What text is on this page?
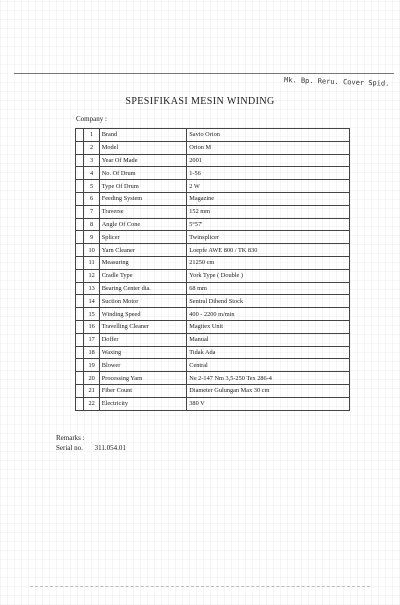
Mk. Bp. Reru. Cover Spid.
SPESIFIKASI MESIN WINDING
Company :
	1	Brand	Savio Orion
	2	Model	Orion M
	3	Year Of Made	2001
	4	No. Of Drum	1-56
	5	Type Of Drum	2 W
	6	Feeding System	Magazine
	7	Traverse	152 mm
	8	Angle Of Cone	5°57'
	9	Splicer	Twinsplicer
	10	Yarn Cleaner	Loepfe AWE 800 / TK 830
	11	Measuring	21250 cm
	12	Cradle Type	York Type ( Double )
	13	Bearing Center dia.	68 mm
	14	Suction Motor	Sentral Dihend Stock
	15	Winding Speed	400 - 2200 m/min
	16	Travelling Cleaner	Magitex Unit
	17	Doffer	Manual
	18	Waxing	Tidak Ada
	19	Blower	Central
	20	Processing Yarn	Ne 2-147 Nm 3,5-250 Tex 286-4
	21	Fiber Count	Diameter Gulungan Max 30 cm
	22	Electricity	380 V
Remarks :
Serial no. 311.054.01
